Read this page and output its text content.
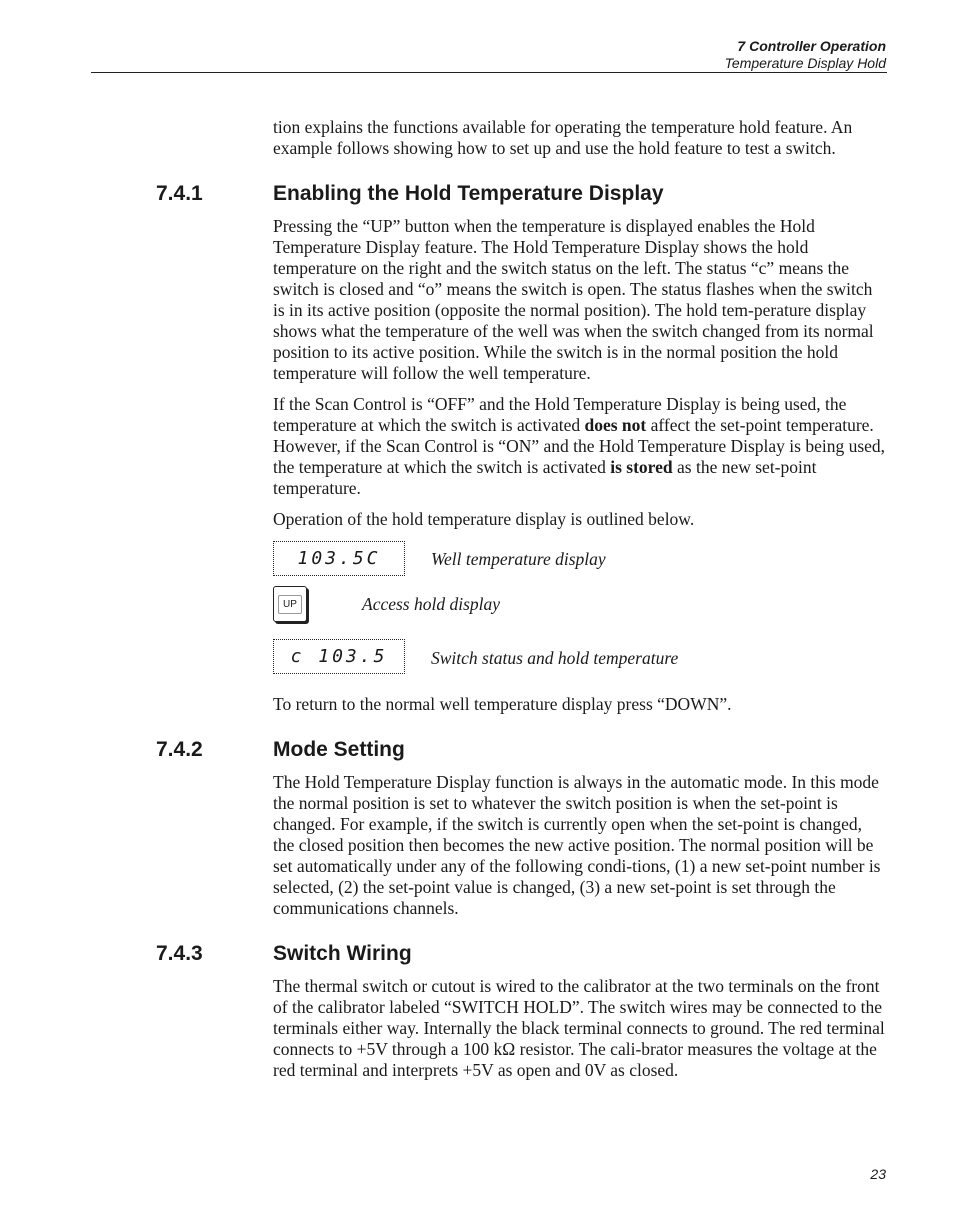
7 Controller Operation
Temperature Display Hold

tion explains the functions available for operating the temperature hold feature. An example follows showing how to set up and use the hold feature to test a switch.

7.4.1	Enabling the Hold Temperature Display

Pressing the “UP” button when the temperature is displayed enables the Hold Temperature Display feature. The Hold Temperature Display shows the hold temperature on the right and the switch status on the left. The status “c” means the switch is closed and “o” means the switch is open. The status flashes when the switch is in its active position (opposite the normal position). The hold tem-perature display shows what the temperature of the well was when the switch changed from its normal position to its active position. While the switch is in the normal position the hold temperature will follow the well temperature.

If the Scan Control is “OFF” and the Hold Temperature Display is being used, the temperature at which the switch is activated does not affect the set-point temperature. However, if the Scan Control is “ON” and the Hold Temperature Display is being used, the temperature at which the switch is activated is stored as the new set-point temperature.

Operation of the hold temperature display is outlined below.

103.5C	Well temperature display
UP	Access hold display
c 103.5	Switch status and hold temperature

To return to the normal well temperature display press “DOWN”.

7.4.2	Mode Setting

The Hold Temperature Display function is always in the automatic mode. In this mode the normal position is set to whatever the switch position is when the set-point is changed. For example, if the switch is currently open when the set-point is changed, the closed position then becomes the new active position. The normal position will be set automatically under any of the following condi-tions, (1) a new set-point number is selected, (2) the set-point value is changed, (3) a new set-point is set through the communications channels.

7.4.3	Switch Wiring

The thermal switch or cutout is wired to the calibrator at the two terminals on the front of the calibrator labeled “SWITCH HOLD”. The switch wires may be connected to the terminals either way. Internally the black terminal connects to ground. The red terminal connects to +5V through a 100 kΩ resistor. The cali-brator measures the voltage at the red terminal and interprets +5V as open and 0V as closed.

23
